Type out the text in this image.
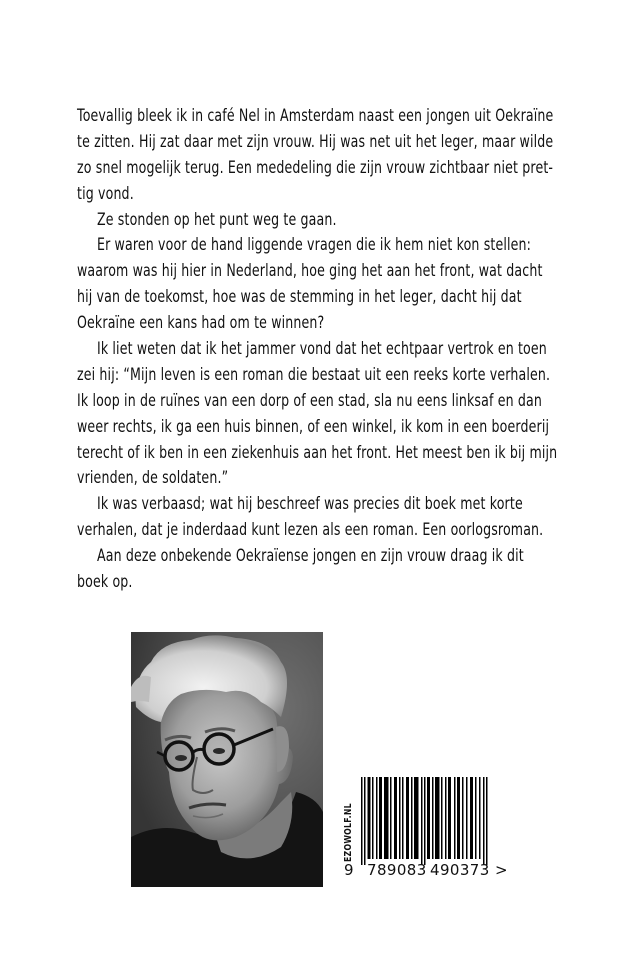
Toevallig bleek ik in café Nel in Amsterdam naast een jongen uit Oekraïne
te zitten. Hij zat daar met zijn vrouw. Hij was net uit het leger, maar wilde
zo snel mogelijk terug. Een mededeling die zijn vrouw zichtbaar niet pret-
tig vond.
Ze stonden op het punt weg te gaan.
Er waren voor de hand liggende vragen die ik hem niet kon stellen:
waarom was hij hier in Nederland, hoe ging het aan het front, wat dacht
hij van de toekomst, hoe was de stemming in het leger, dacht hij dat
Oekraïne een kans had om te winnen?
Ik liet weten dat ik het jammer vond dat het echtpaar vertrok en toen
zei hij: “Mijn leven is een roman die bestaat uit een reeks korte verhalen.
Ik loop in de ruïnes van een dorp of een stad, sla nu eens linksaf en dan
weer rechts, ik ga een huis binnen, of een winkel, ik kom in een boerderij
terecht of ik ben in een ziekenhuis aan het front. Het meest ben ik bij mijn
vrienden, de soldaten.”
Ik was verbaasd; wat hij beschreef was precies dit boek met korte
verhalen, dat je inderdaad kunt lezen als een roman. Een oorlogsroman.
Aan deze onbekende Oekraïense jongen en zijn vrouw draag ik dit
boek op.
EZOWOLF.NL
9 789083 490373 >
